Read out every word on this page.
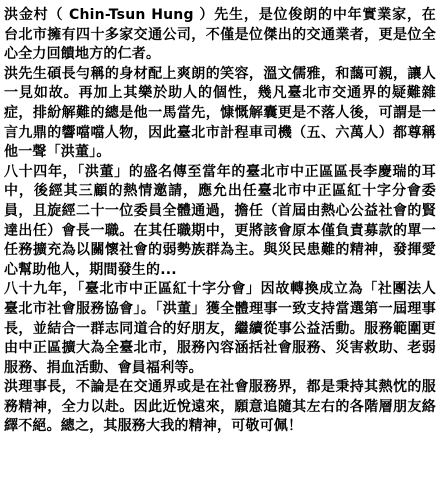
洪金村（ Chin-Tsun Hung ）先生，是位俊朗的中年實業家，在台北市擁有四十多家交通公司，不僅是位傑出的交通業者，更是位全心全力回饋地方的仁者。

洪先生碩長勻稱的身材配上爽朗的笑容，溫文儒雅，和藹可親，讓人一見如故。再加上其樂於助人的個性，幾凡臺北市交通界的疑難雜症，排紛解難的總是他一馬當先，慷慨解囊更是不落人後，可謂是一言九鼎的響噹噹人物，因此臺北市計程車司機（五、六萬人）都尊稱他一聲「洪董」。

八十四年，「洪董」的盛名傳至當年的臺北市中正區區長李慶瑞的耳中，後經其三顧的熱情邀請，應允出任臺北市中正區紅十字分會委員，且旋經二十一位委員全體通過，擔任（首屆由熱心公益社會的賢達出任）會長一職。在其任職期中，更將該會原本僅負責募款的單一任務擴充為以關懷社會的弱勢族群為主。與災民患難的精神，發揮愛心幫助他人，期間發生的...

八十九年，「臺北市中正區紅十字分會」因故轉換成立為「社團法人臺北市社會服務協會」。「洪董」獲全體理事一致支持當選第一屆理事長，並結合一群志同道合的好朋友，繼續從事公益活動。服務範圍更由中正區擴大為全臺北市，服務內容涵括社會服務、災害救助、老弱服務、捐血活動、會員福利等。

洪理事長，不論是在交通界或是在社會服務界，都是秉持其熱忱的服務精神，全力以赴。因此近悅遠來，願意追隨其左右的各階層朋友絡繹不絕。總之，其服務大我的精神，可敬可佩！
